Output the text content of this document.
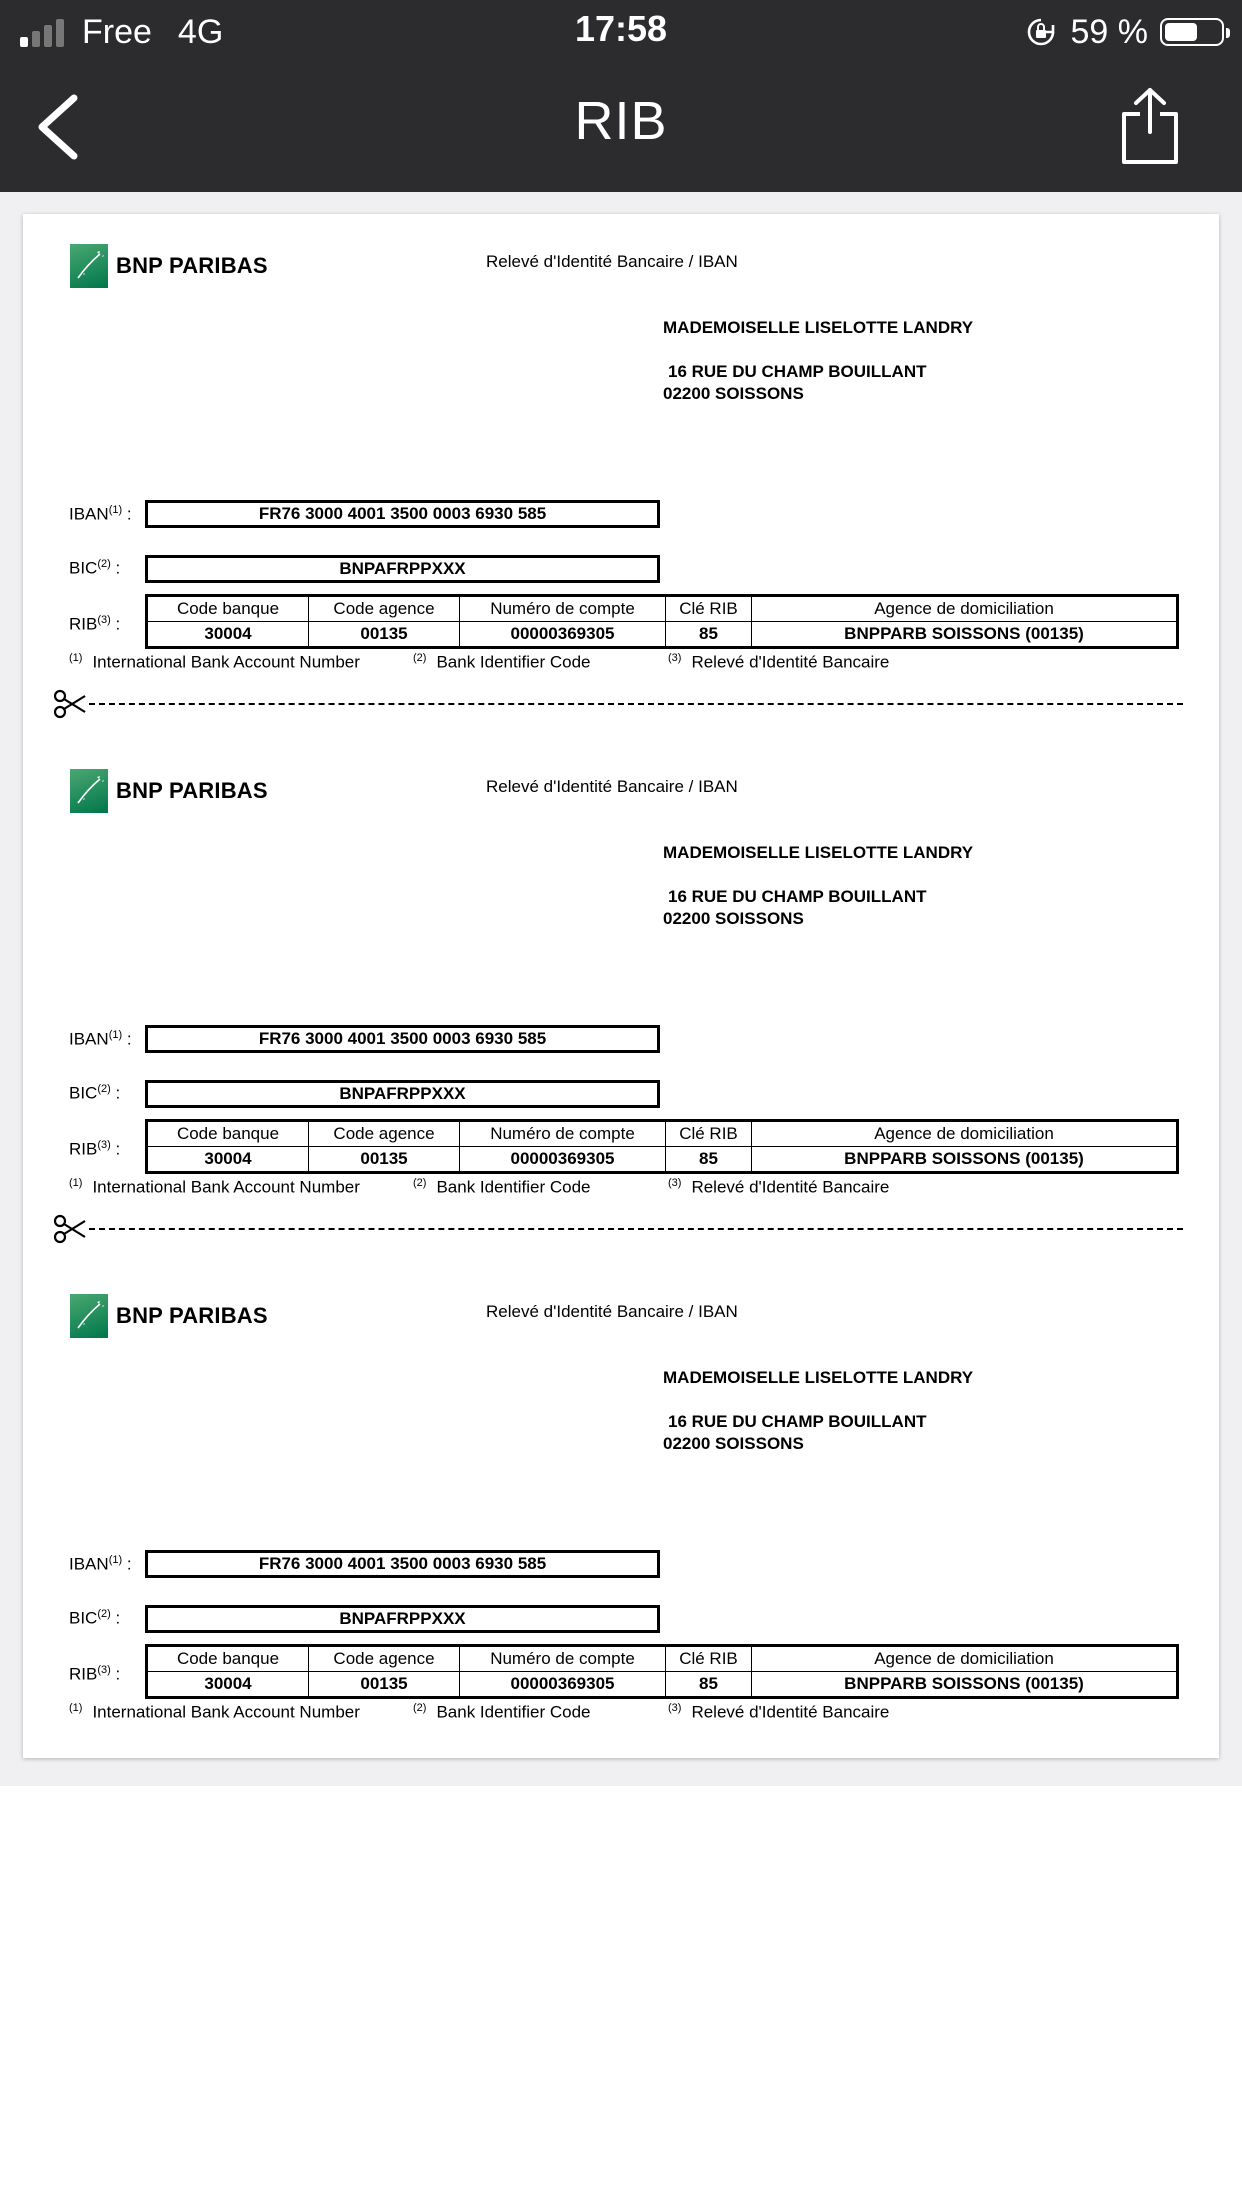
Free 4G	17:58	59 %
RIB
BNP PARIBAS	Relevé d'Identité Bancaire / IBAN
MADEMOISELLE LISELOTTE LANDRY
16 RUE DU CHAMP BOUILLANT
02200 SOISSONS
IBAN$^{(1)}$ :	FR76 3000 4001 3500 0003 6930 585
BIC$^{(2)}$ :	BNPAFRPPXXX
RIB$^{(3)}$ :
Code banque	Code agence	Numéro de compte	Clé RIB	Agence de domiciliation
30004	00135	00000369305	85	BNPPARB SOISSONS (00135)
$^{(1)}$ International Bank Account Number	$^{(2)}$ Bank Identifier Code	$^{(3)}$ Relevé d'Identité Bancaire
BNP PARIBAS	Relevé d'Identité Bancaire / IBAN
MADEMOISELLE LISELOTTE LANDRY
16 RUE DU CHAMP BOUILLANT
02200 SOISSONS
IBAN$^{(1)}$ :	FR76 3000 4001 3500 0003 6930 585
BIC$^{(2)}$ :	BNPAFRPPXXX
RIB$^{(3)}$ :
Code banque	Code agence	Numéro de compte	Clé RIB	Agence de domiciliation
30004	00135	00000369305	85	BNPPARB SOISSONS (00135)
$^{(1)}$ International Bank Account Number	$^{(2)}$ Bank Identifier Code	$^{(3)}$ Relevé d'Identité Bancaire
BNP PARIBAS	Relevé d'Identité Bancaire / IBAN
MADEMOISELLE LISELOTTE LANDRY
16 RUE DU CHAMP BOUILLANT
02200 SOISSONS
IBAN$^{(1)}$ :	FR76 3000 4001 3500 0003 6930 585
BIC$^{(2)}$ :	BNPAFRPPXXX
RIB$^{(3)}$ :
Code banque	Code agence	Numéro de compte	Clé RIB	Agence de domiciliation
30004	00135	00000369305	85	BNPPARB SOISSONS (00135)
$^{(1)}$ International Bank Account Number	$^{(2)}$ Bank Identifier Code	$^{(3)}$ Relevé d'Identité Bancaire
